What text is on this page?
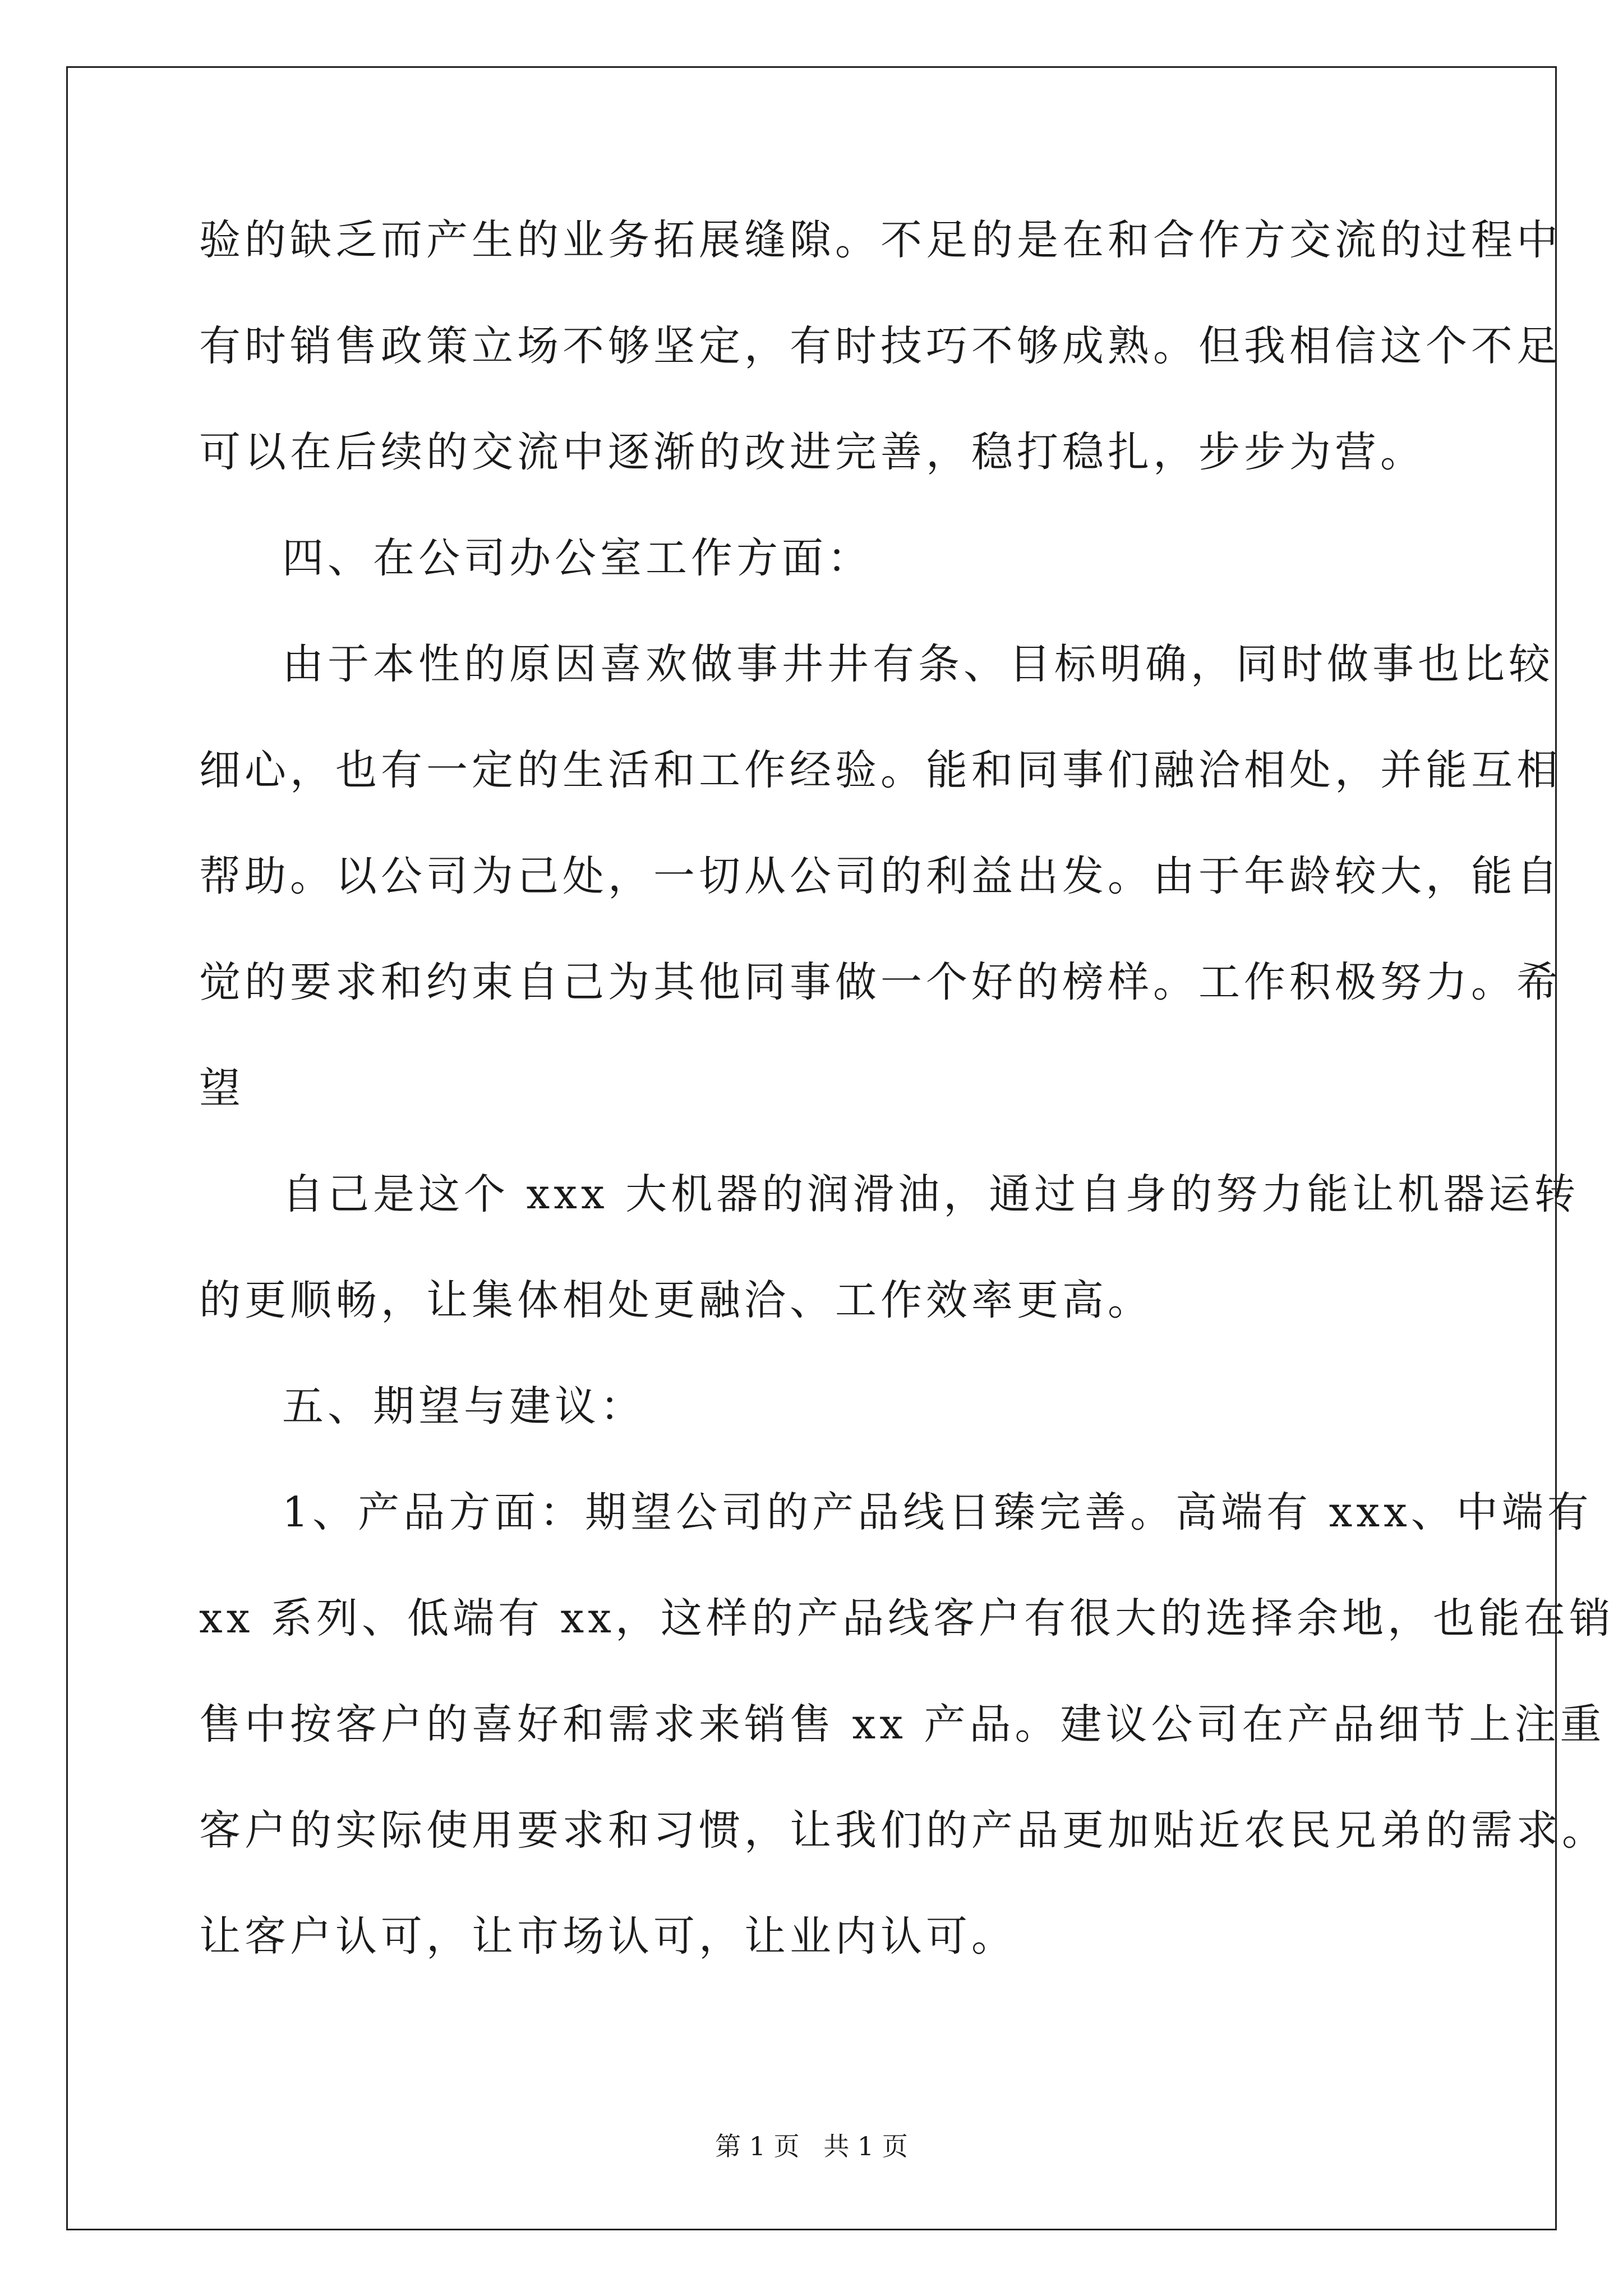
验的缺乏而产生的业务拓展缝隙。不足的是在和合作方交流的过程中
有时销售政策立场不够坚定，有时技巧不够成熟。但我相信这个不足
可以在后续的交流中逐渐的改进完善，稳打稳扎，步步为营。
四、在公司办公室工作方面：
由于本性的原因喜欢做事井井有条、目标明确，同时做事也比较
细心，也有一定的生活和工作经验。能和同事们融洽相处，并能互相
帮助。以公司为己处，一切从公司的利益出发。由于年龄较大，能自
觉的要求和约束自己为其他同事做一个好的榜样。工作积极努力。希
望
自己是这个 xxx 大机器的润滑油，通过自身的努力能让机器运转
的更顺畅，让集体相处更融洽、工作效率更高。
五、期望与建议：
1、产品方面：期望公司的产品线日臻完善。高端有 xxx、中端有
xx 系列、低端有 xx，这样的产品线客户有很大的选择余地，也能在销
售中按客户的喜好和需求来销售 xx 产品。建议公司在产品细节上注重
客户的实际使用要求和习惯，让我们的产品更加贴近农民兄弟的需求。
让客户认可，让市场认可，让业内认可。
第 1 页 共 1 页
